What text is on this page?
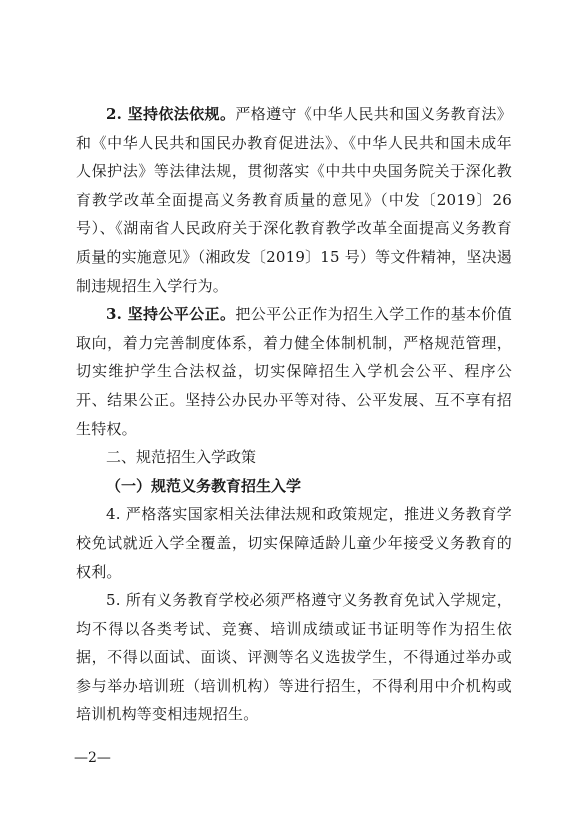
2. 坚持依法依规。严格遵守《中华人民共和国义务教育法》和《中华人民共和国民办教育促进法》、《中华人民共和国未成年人保护法》等法律法规，贯彻落实《中共中央国务院关于深化教育教学改革全面提高义务教育质量的意见》（中发〔2019〕26号）、《湖南省人民政府关于深化教育教学改革全面提高义务教育质量的实施意见》（湘政发〔2019〕15 号）等文件精神，坚决遏制违规招生入学行为。

3. 坚持公平公正。把公平公正作为招生入学工作的基本价值取向，着力完善制度体系，着力健全体制机制，严格规范管理，切实维护学生合法权益，切实保障招生入学机会公平、程序公开、结果公正。坚持公办民办平等对待、公平发展、互不享有招生特权。

二、规范招生入学政策

（一）规范义务教育招生入学

4. 严格落实国家相关法律法规和政策规定，推进义务教育学校免试就近入学全覆盖，切实保障适龄儿童少年接受义务教育的权利。

5. 所有义务教育学校必须严格遵守义务教育免试入学规定，均不得以各类考试、竞赛、培训成绩或证书证明等作为招生依据，不得以面试、面谈、评测等名义选拔学生，不得通过举办或参与举办培训班（培训机构）等进行招生，不得利用中介机构或培训机构等变相违规招生。

—2—
